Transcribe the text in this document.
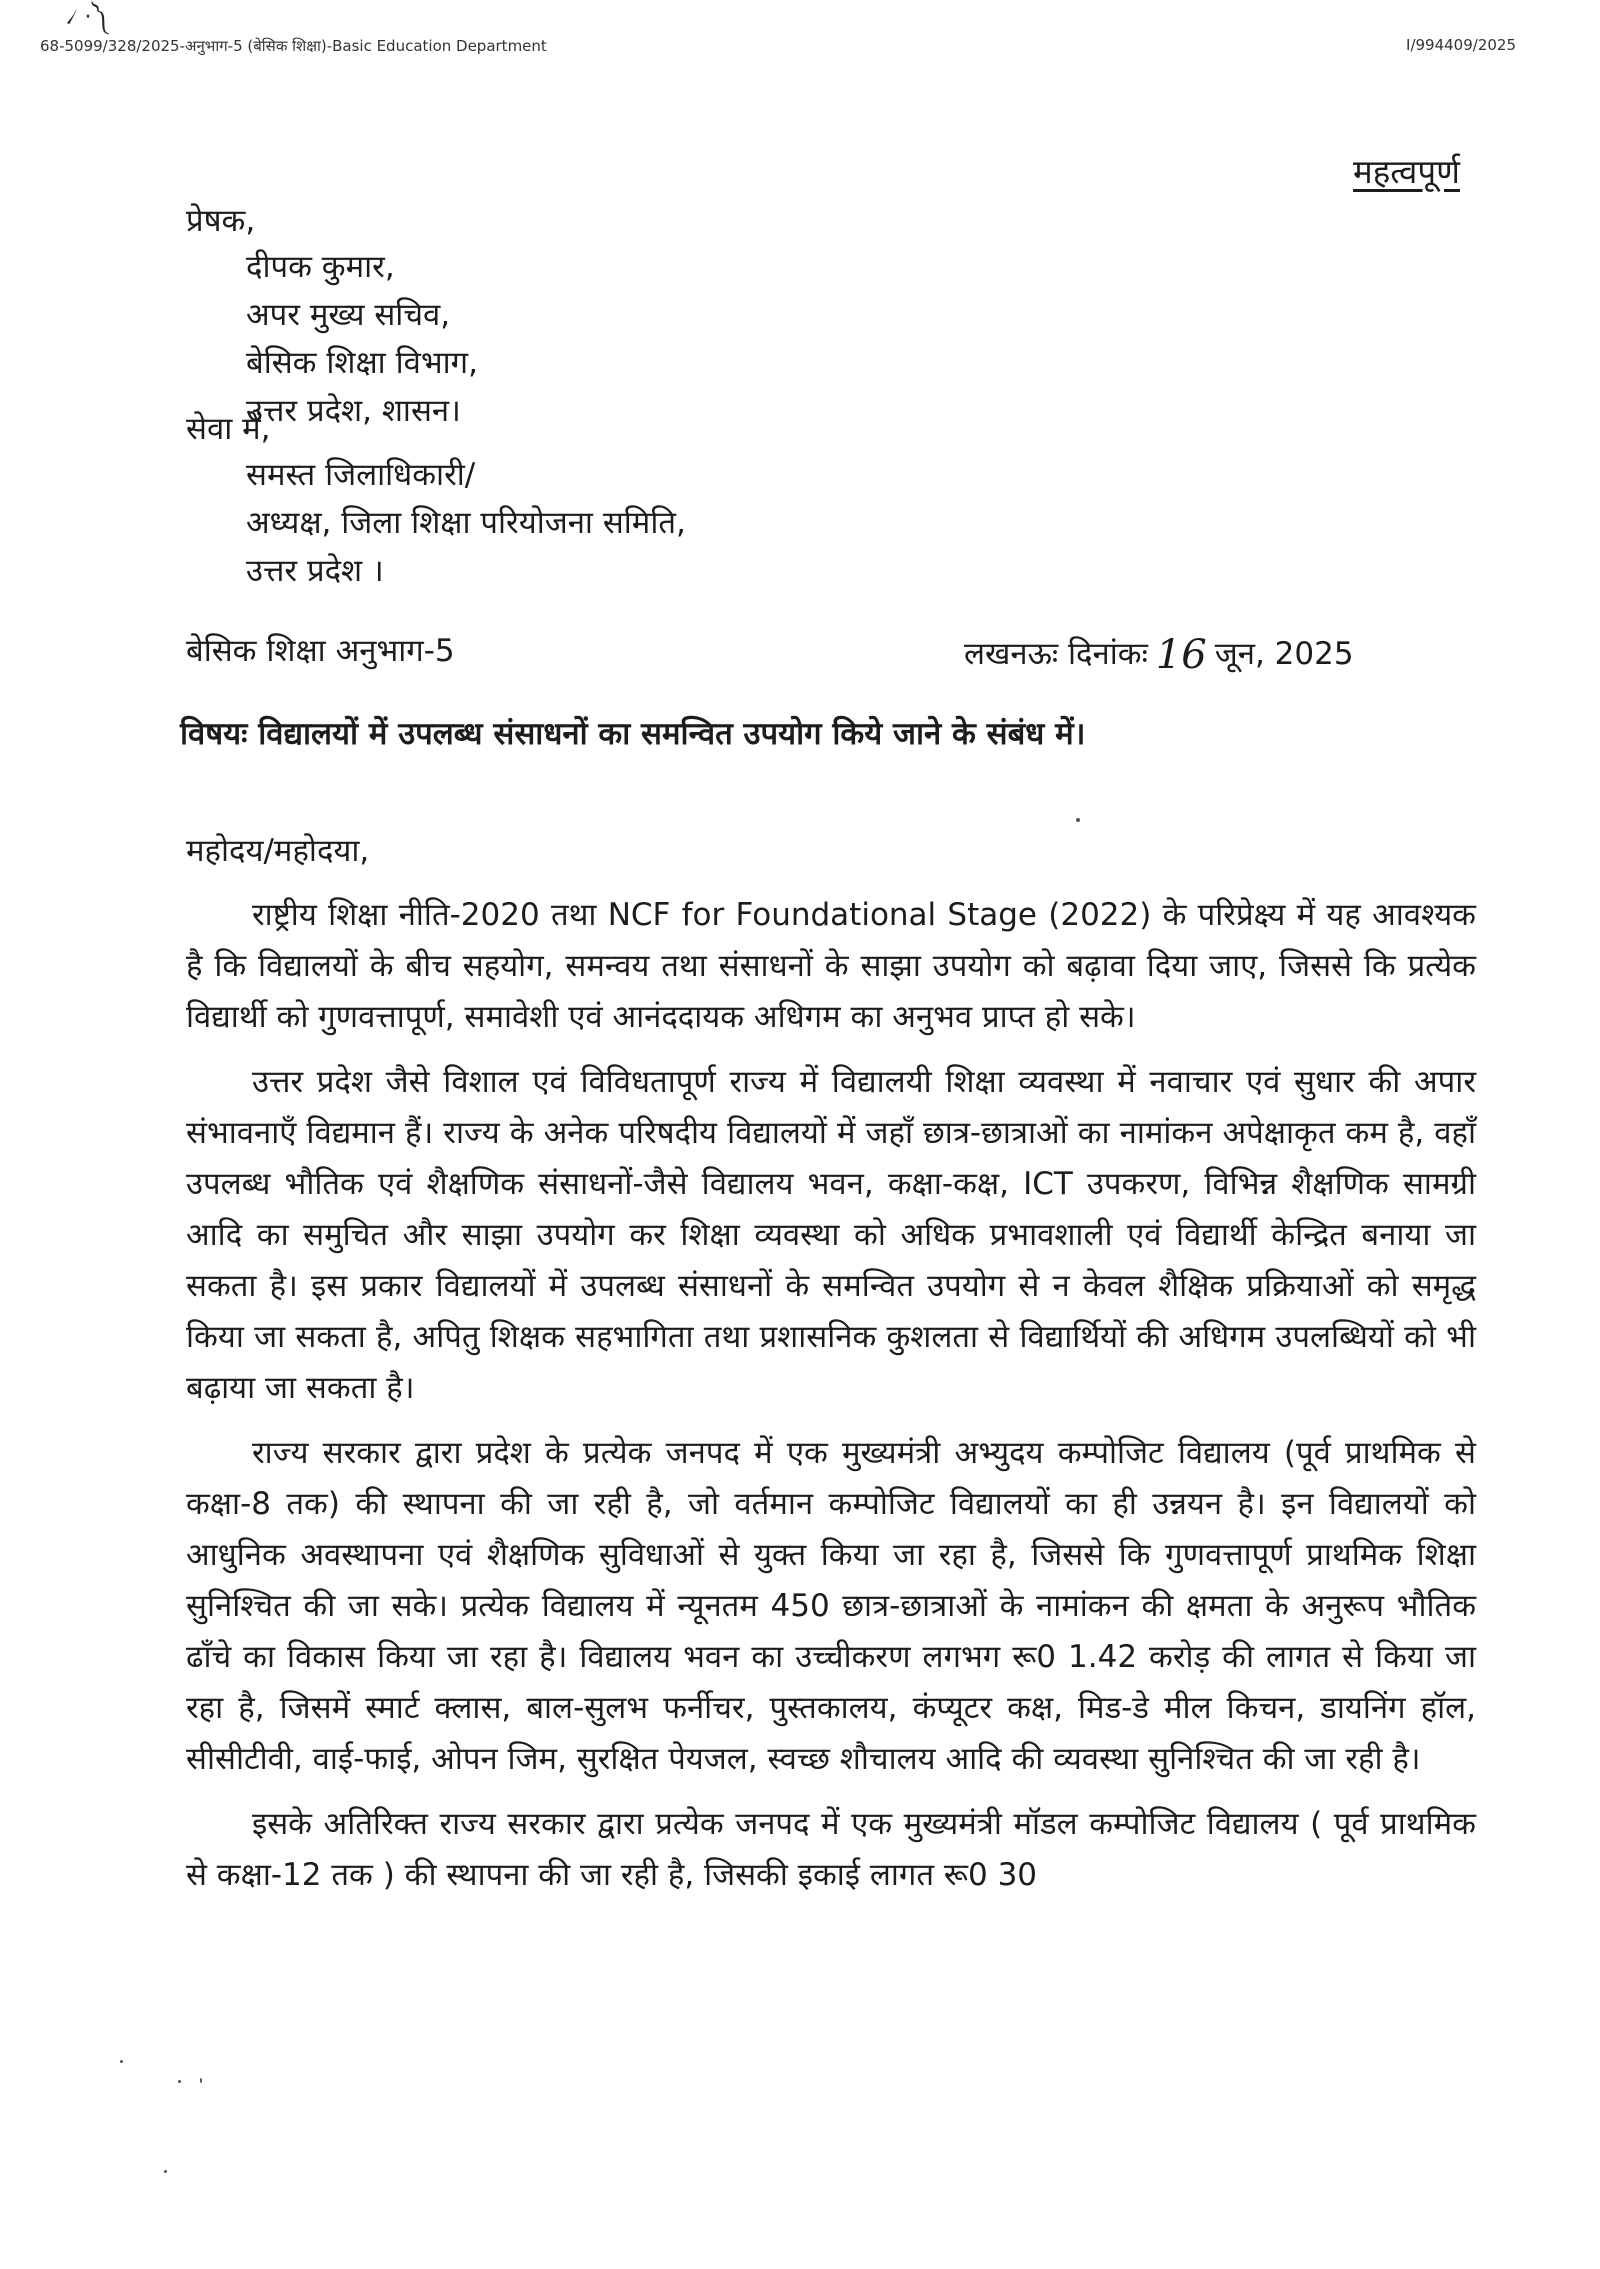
৴ ·༽
68-5099/328/2025-अनुभाग-5 (बेसिक शिक्षा)-Basic Education Department	I/994409/2025
महत्वपूर्ण
प्रेषक,
दीपक कुमार,
अपर मुख्य सचिव,
बेसिक शिक्षा विभाग,
उत्तर प्रदेश, शासन।
सेवा में,
समस्त जिलाधिकारी/
अध्यक्ष, जिला शिक्षा परियोजना समिति,
उत्तर प्रदेश ।
बेसिक शिक्षा अनुभाग-5	लखनऊः दिनांकः 16 जून, 2025
विषयः विद्यालयों में उपलब्ध संसाधनों का समन्वित उपयोग किये जाने के संबंध में।
महोदय/महोदया,

राष्ट्रीय शिक्षा नीति-2020 तथा NCF for Foundational Stage (2022) के परिप्रेक्ष्य में यह आवश्यक है कि विद्यालयों के बीच सहयोग, समन्वय तथा संसाधनों के साझा उपयोग को बढ़ावा दिया जाए, जिससे कि प्रत्येक विद्यार्थी को गुणवत्तापूर्ण, समावेशी एवं आनंददायक अधिगम का अनुभव प्राप्त हो सके।

उत्तर प्रदेश जैसे विशाल एवं विविधतापूर्ण राज्य में विद्यालयी शिक्षा व्यवस्था में नवाचार एवं सुधार की अपार संभावनाएँ विद्यमान हैं। राज्य के अनेक परिषदीय विद्यालयों में जहाँ छात्र-छात्राओं का नामांकन अपेक्षाकृत कम है, वहाँ उपलब्ध भौतिक एवं शैक्षणिक संसाधनों-जैसे विद्यालय भवन, कक्षा-कक्ष, ICT उपकरण, विभिन्न शैक्षणिक सामग्री आदि का समुचित और साझा उपयोग कर शिक्षा व्यवस्था को अधिक प्रभावशाली एवं विद्यार्थी केन्द्रित बनाया जा सकता है। इस प्रकार विद्यालयों में उपलब्ध संसाधनों के समन्वित उपयोग से न केवल शैक्षिक प्रक्रियाओं को समृद्ध किया जा सकता है, अपितु शिक्षक सहभागिता तथा प्रशासनिक कुशलता से विद्यार्थियों की अधिगम उपलब्धियों को भी बढ़ाया जा सकता है।

राज्य सरकार द्वारा प्रदेश के प्रत्येक जनपद में एक मुख्यमंत्री अभ्युदय कम्पोजिट विद्यालय (पूर्व प्राथमिक से कक्षा-8 तक) की स्थापना की जा रही है, जो वर्तमान कम्पोजिट विद्यालयों का ही उन्नयन है। इन विद्यालयों को आधुनिक अवस्थापना एवं शैक्षणिक सुविधाओं से युक्त किया जा रहा है, जिससे कि गुणवत्तापूर्ण प्राथमिक शिक्षा सुनिश्चित की जा सके। प्रत्येक विद्यालय में न्यूनतम 450 छात्र-छात्राओं के नामांकन की क्षमता के अनुरूप भौतिक ढाँचे का विकास किया जा रहा है। विद्यालय भवन का उच्चीकरण लगभग रू0 1.42 करोड़ की लागत से किया जा रहा है, जिसमें स्मार्ट क्लास, बाल-सुलभ फर्नीचर, पुस्तकालय, कंप्यूटर कक्ष, मिड-डे मील किचन, डायनिंग हॉल, सीसीटीवी, वाई-फाई, ओपन जिम, सुरक्षित पेयजल, स्वच्छ शौचालय आदि की व्यवस्था सुनिश्चित की जा रही है।

इसके अतिरिक्त राज्य सरकार द्वारा प्रत्येक जनपद में एक मुख्यमंत्री मॉडल कम्पोजिट विद्यालय ( पूर्व प्राथमिक से कक्षा-12 तक ) की स्थापना की जा रही है, जिसकी इकाई लागत रू0 30
